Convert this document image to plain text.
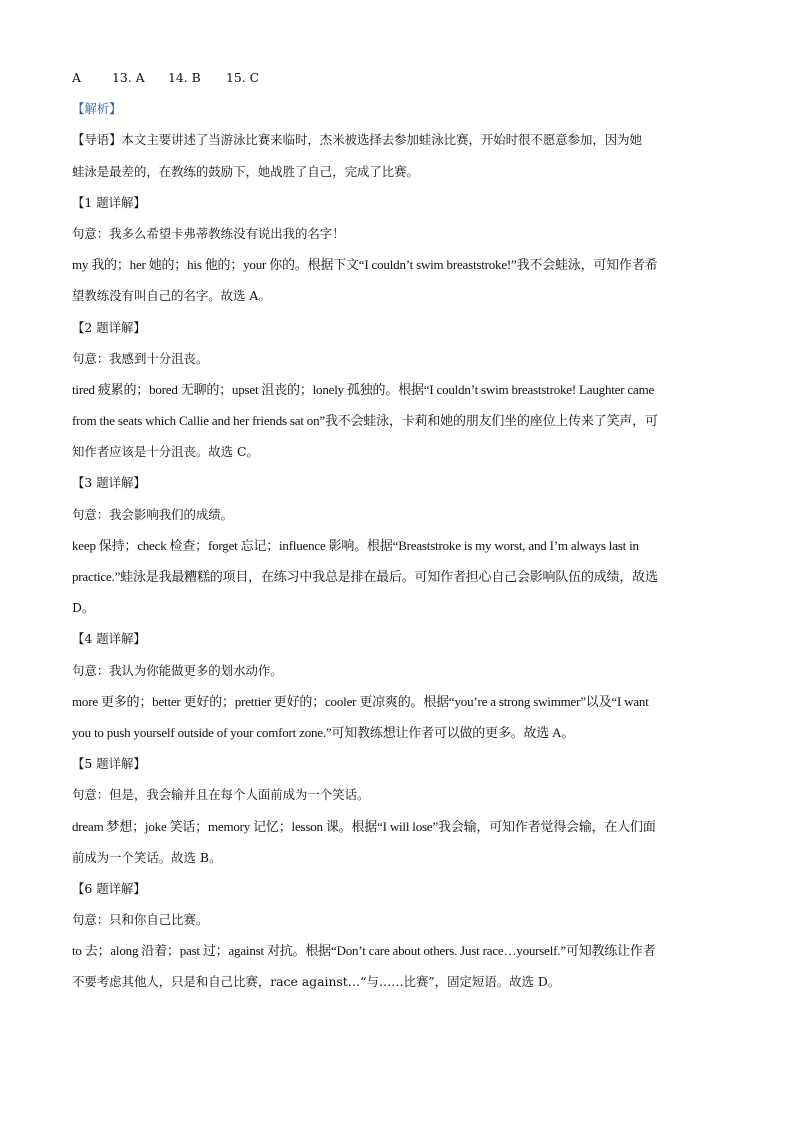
A	13. A 14. B 15. C
【解析】
【导语】本文主要讲述了当游泳比赛来临时，杰米被选择去参加蛙泳比赛，开始时很不愿意参加，因为她
蛙泳是最差的，在教练的鼓励下，她战胜了自己，完成了比赛。
【1 题详解】
句意：我多么希望卡弗蒂教练没有说出我的名字！
my 我的；her 她的；his 他的；your 你的。根据下文“I couldn’t swim breaststroke!”我不会蛙泳，可知作者希
望教练没有叫自己的名字。故选 A。
【2 题详解】
句意：我感到十分沮丧。
tired 疲累的；bored 无聊的；upset 沮丧的；lonely 孤独的。根据“I couldn’t swim breaststroke! Laughter came
from the seats which Callie and her friends sat on”我不会蛙泳，卡莉和她的朋友们坐的座位上传来了笑声，可
知作者应该是十分沮丧。故选 C。
【3 题详解】
句意：我会影响我们的成绩。
keep 保持；check 检查；forget 忘记；influence 影响。根据“Breaststroke is my worst, and I’m always last in
practice.”蛙泳是我最糟糕的项目，在练习中我总是排在最后。可知作者担心自己会影响队伍的成绩，故选
D。
【4 题详解】
句意：我认为你能做更多的划水动作。
more 更多的；better 更好的；prettier 更好的；cooler 更凉爽的。根据“you’re a strong swimmer”以及“I want
you to push yourself outside of your comfort zone.”可知教练想让作者可以做的更多。故选 A。
【5 题详解】
句意：但是，我会输并且在每个人面前成为一个笑话。
dream 梦想；joke 笑话；memory 记忆；lesson 课。根据“I will lose”我会输，可知作者觉得会输，在人们面
前成为一个笑话。故选 B。
【6 题详解】
句意：只和你自己比赛。
to 去；along 沿着；past 过；against 对抗。根据“Don’t care about others. Just race…yourself.”可知教练让作者
不要考虑其他人，只是和自己比赛，race against…“与……比赛”，固定短语。故选 D。
